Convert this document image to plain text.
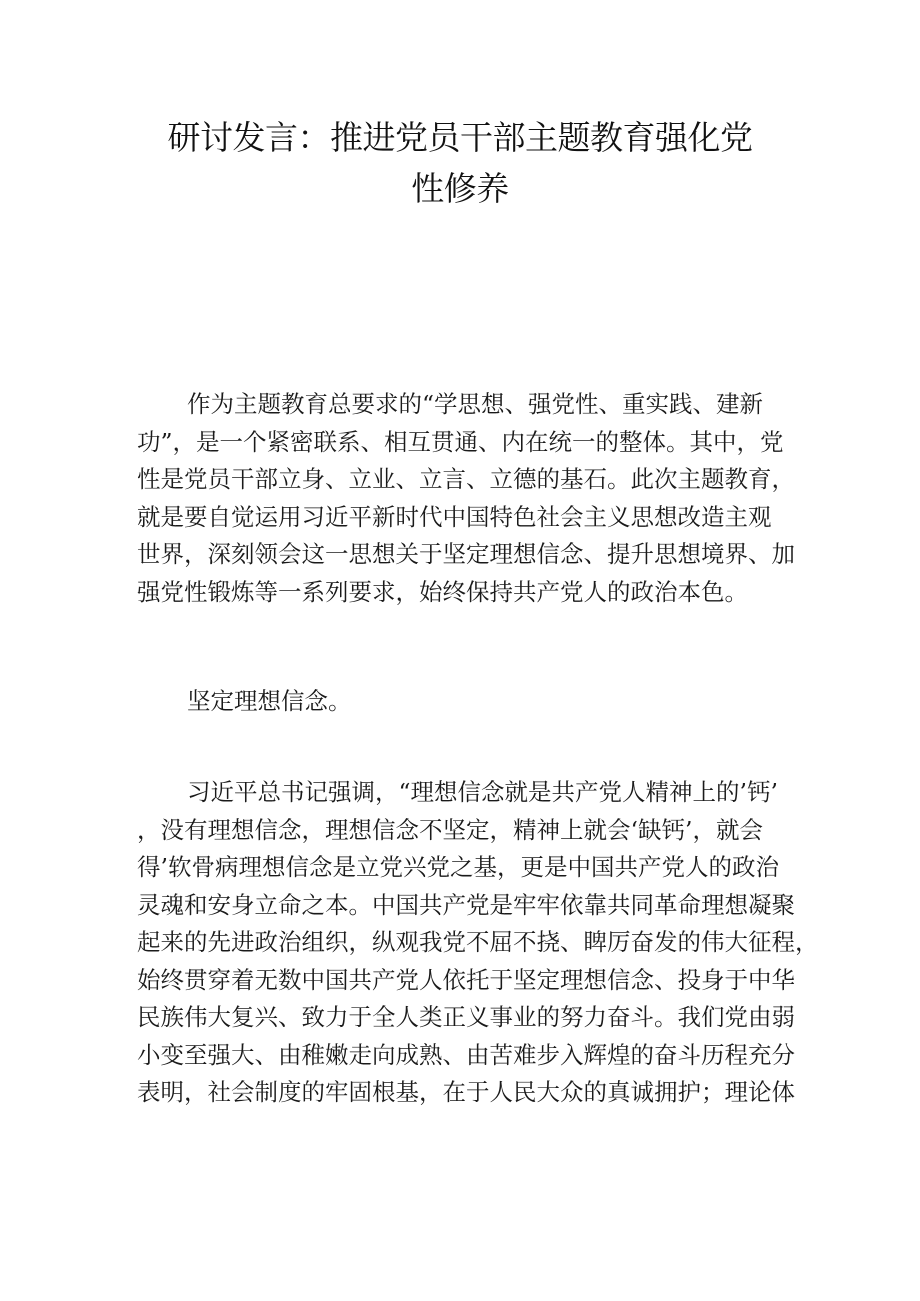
研讨发言：推进党员干部主题教育强化党
性修养
作为主题教育总要求的“学思想、强党性、重实践、建新
功”，是一个紧密联系、相互贯通、内在统一的整体。其中，党
性是党员干部立身、立业、立言、立德的基石。此次主题教育，
就是要自觉运用习近平新时代中国特色社会主义思想改造主观
世界，深刻领会这一思想关于坚定理想信念、提升思想境界、加
强党性锻炼等一系列要求，始终保持共产党人的政治本色。
坚定理想信念。
习近平总书记强调，“理想信念就是共产党人精神上的’钙’
，没有理想信念，理想信念不坚定，精神上就会‘缺钙’，就会
得’软骨病理想信念是立党兴党之基，更是中国共产党人的政治
灵魂和安身立命之本。中国共产党是牢牢依靠共同革命理想凝聚
起来的先进政治组织，纵观我党不屈不挠、睥厉奋发的伟大征程，
始终贯穿着无数中国共产党人依托于坚定理想信念、投身于中华
民族伟大复兴、致力于全人类正义事业的努力奋斗。我们党由弱
小变至强大、由稚嫩走向成熟、由苦难步入辉煌的奋斗历程充分
表明，社会制度的牢固根基，在于人民大众的真诚拥护；理论体
